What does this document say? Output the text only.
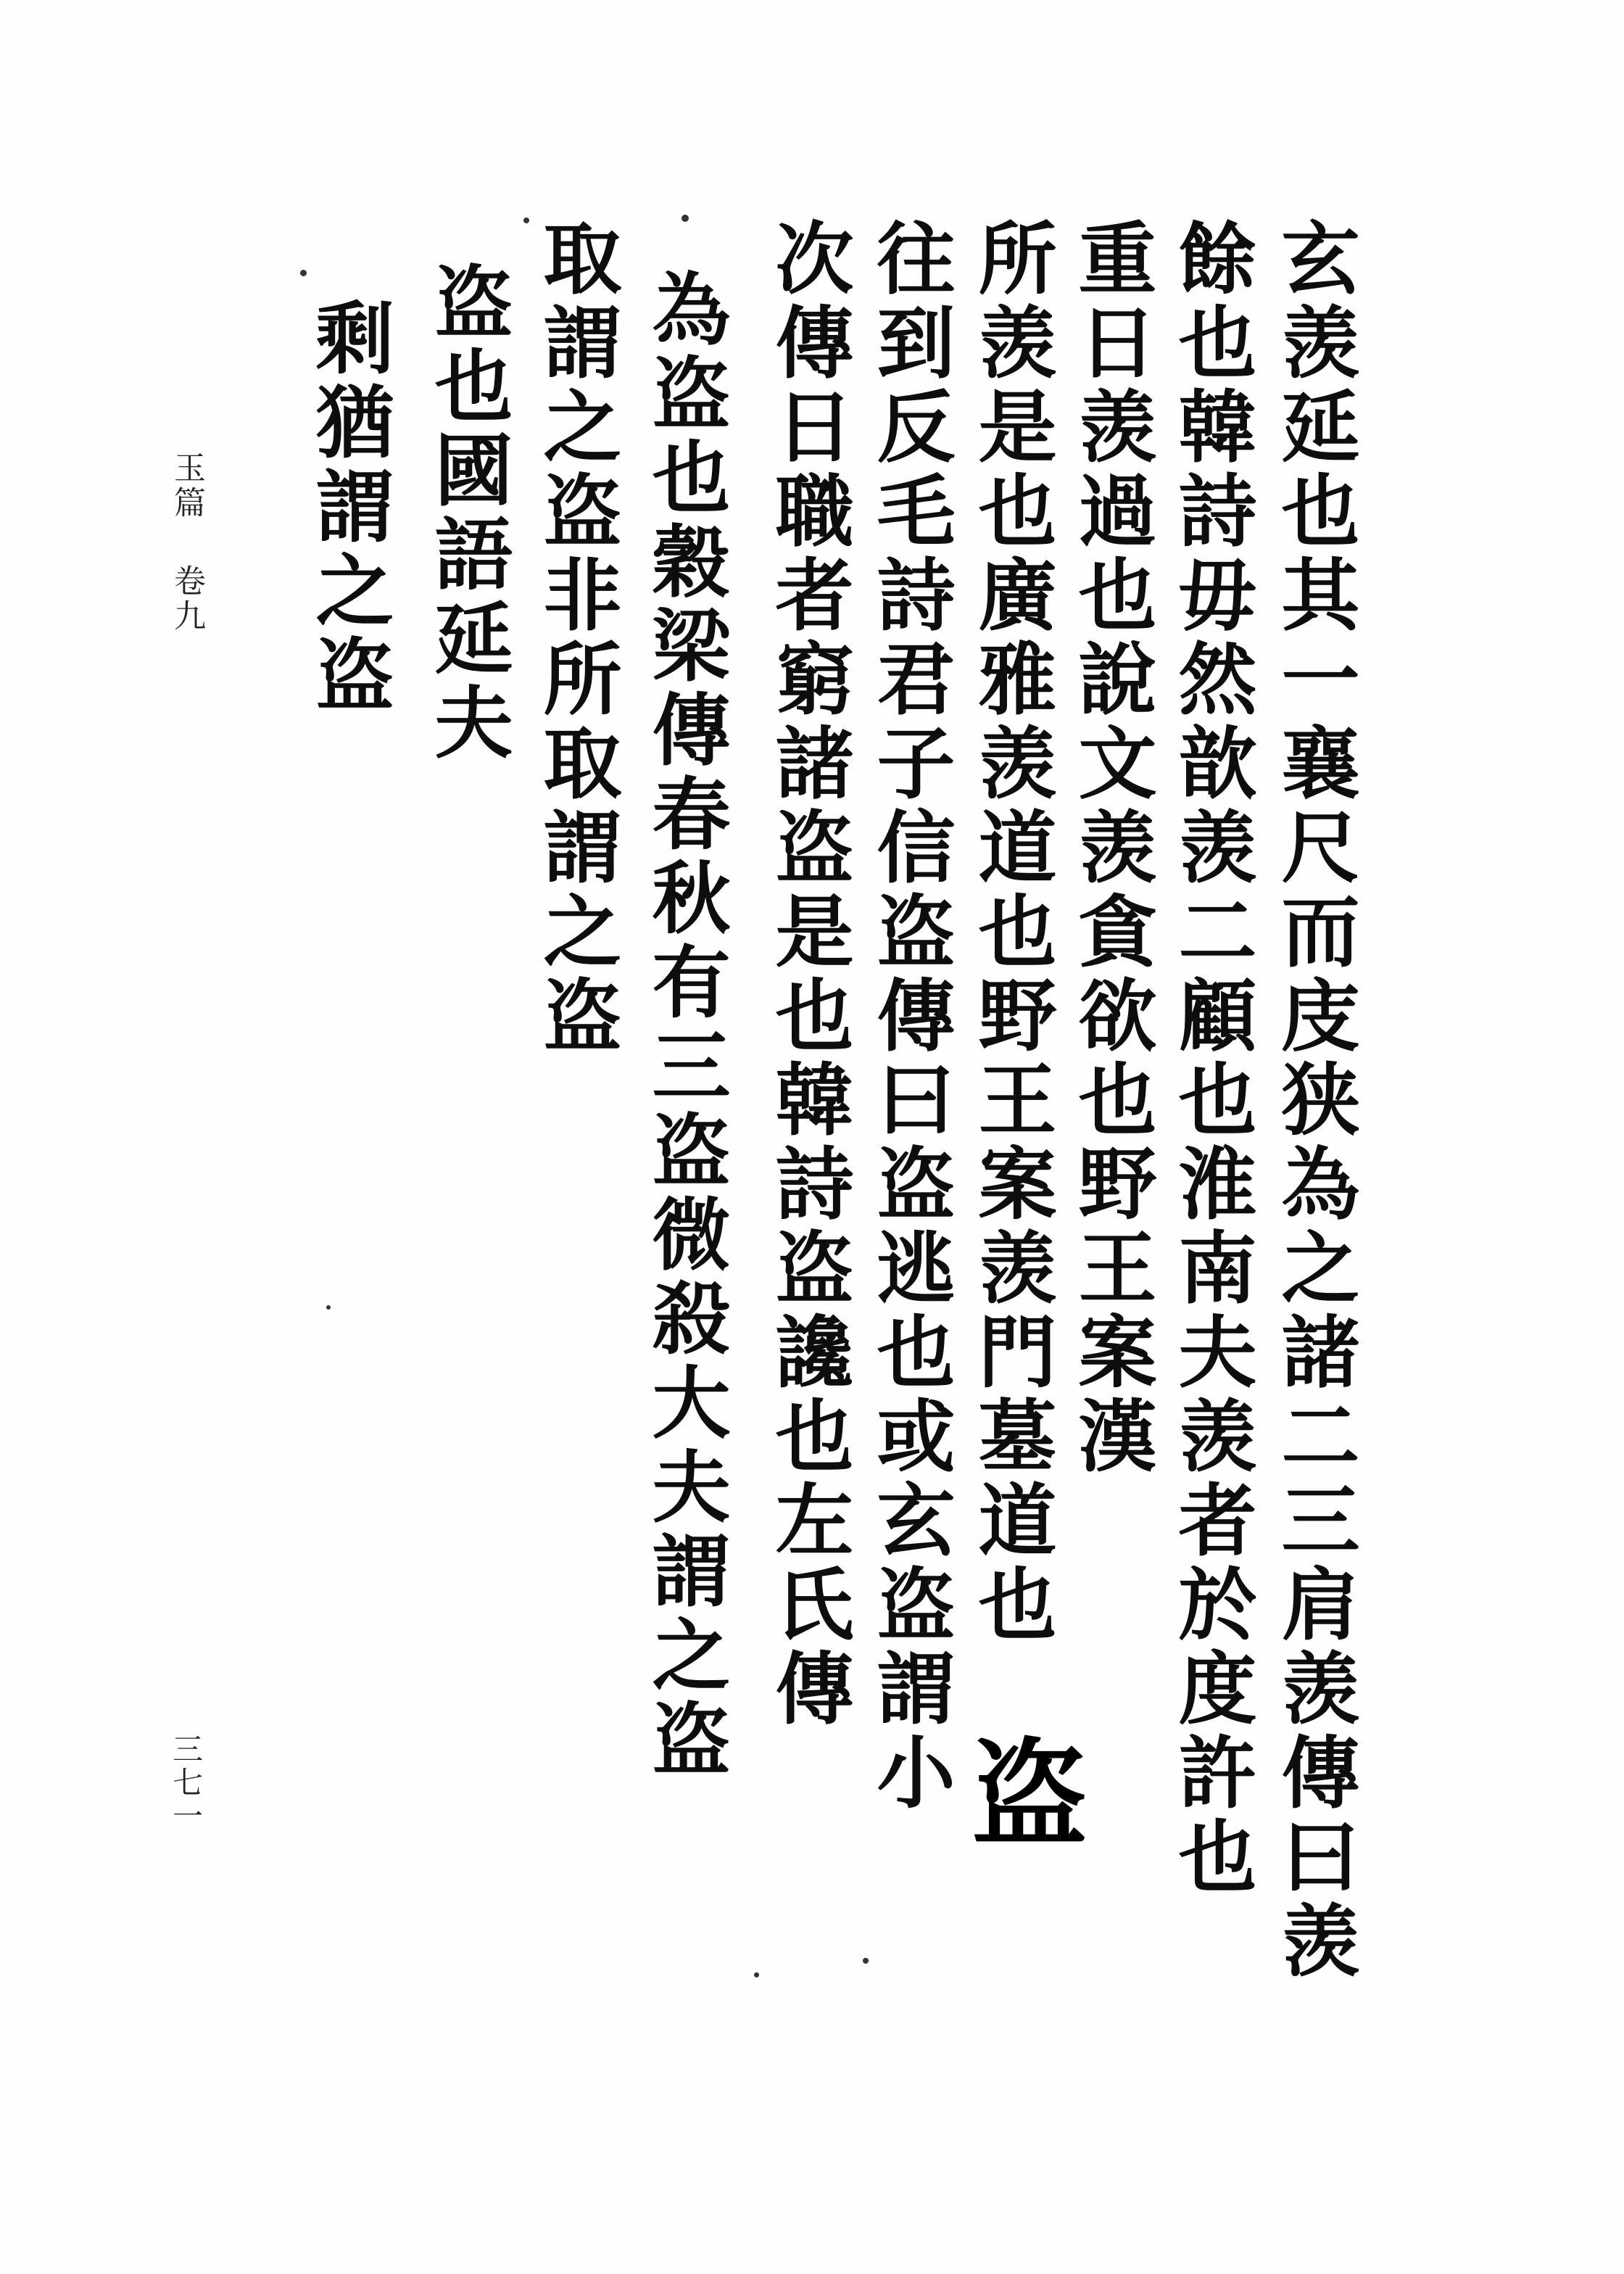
玉篇
卷九
三七一	玄羡延也其一襄尺而庋狭為之諸二三肩羡傳曰羡
餘也韓詩毋然歆羡二顧也淮南夫羡者於度許也
重日羡過也說文羡貪欲也野王案漢
所羡是也廣雅羡道也野王案羡門墓道也
往到反毛詩君子信盗傳曰盗逃也或玄盗謂小
次傳日職者窮諸盗是也韓詩盗讒也左氏傳
為盗也穀梁傳春秋有三盗微殺大夫謂之盗
取謂之盗非所取謂之盗
盗也國語延夫
剩猶謂之盗
盗
